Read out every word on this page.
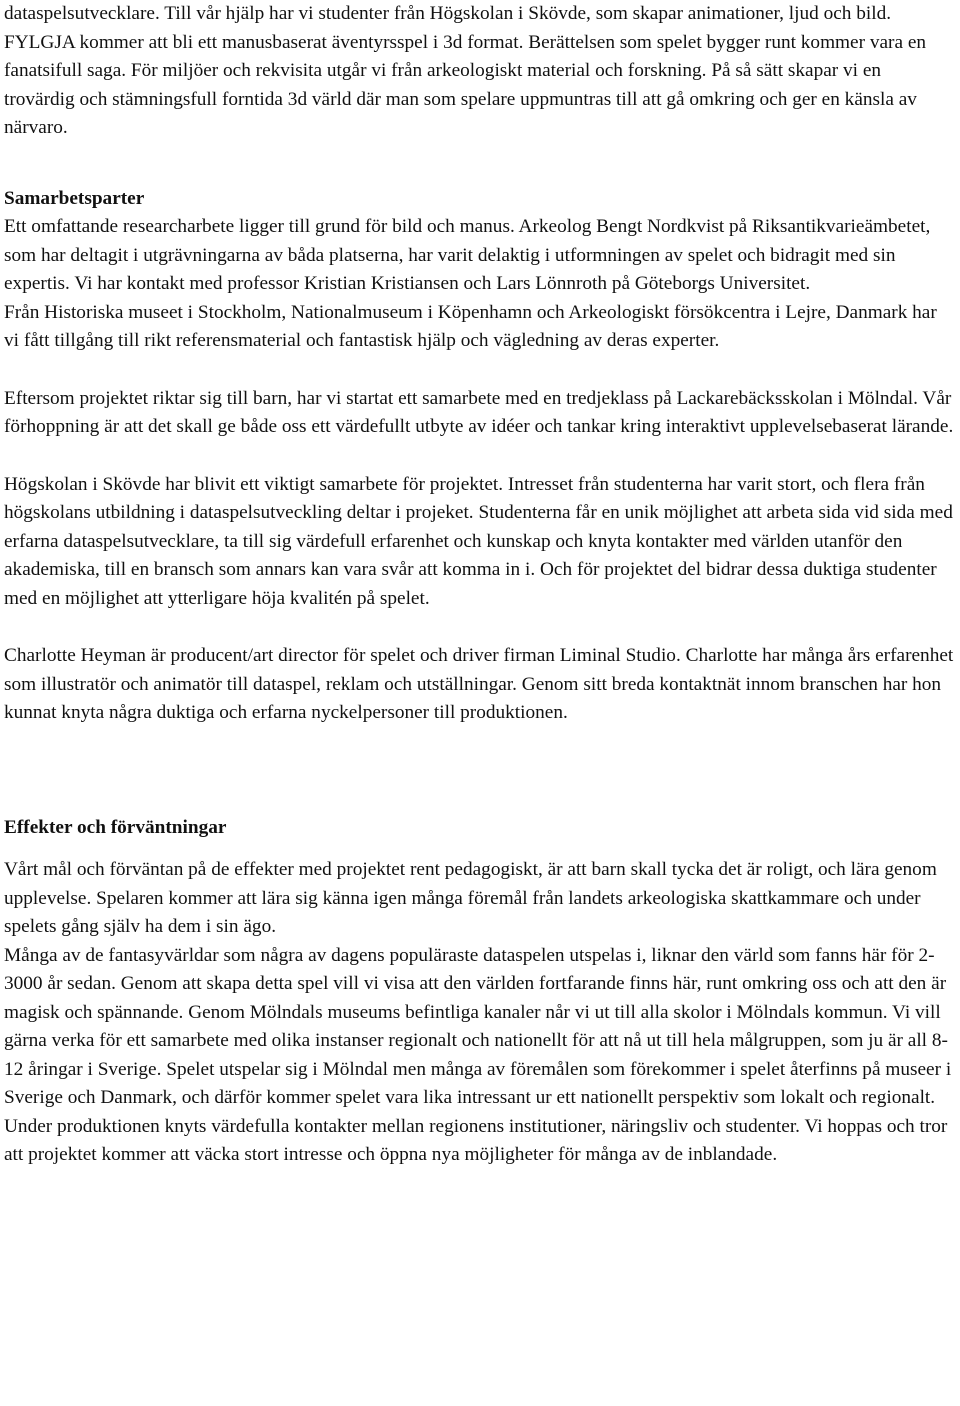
dataspelsutvecklare. Till vår hjälp har vi studenter från Högskolan i Skövde, som skapar animationer, ljud och bild. FYLGJA kommer att bli ett manusbaserat äventyrsspel i 3d format. Berättelsen som spelet bygger runt kommer vara en fanatsifull saga. För miljöer och rekvisita utgår vi från arkeologiskt material och forskning. På så sätt skapar vi en trovärdig och stämningsfull forntida 3d värld där man som spelare uppmuntras till att gå omkring och ger en känsla av närvaro.

Samarbetsparter

Ett omfattande researcharbete ligger till grund för bild och manus. Arkeolog Bengt Nordkvist på Riksantikvarieämbetet, som har deltagit i utgrävningarna av båda platserna, har varit delaktig i utformningen av spelet och bidragit med sin expertis. Vi har kontakt med professor Kristian Kristiansen och Lars Lönnroth på Göteborgs Universitet.

Från Historiska museet i Stockholm, Nationalmuseum i Köpenhamn och Arkeologiskt försökcentra i Lejre, Danmark har vi fått tillgång till rikt referensmaterial och fantastisk hjälp och vägledning av deras experter.

Eftersom projektet riktar sig till barn, har vi startat ett samarbete med en tredjeklass på Lackarebäcksskolan i Mölndal. Vår förhoppning är att det skall ge både oss ett värdefullt utbyte av idéer och tankar kring interaktivt upplevelsebaserat lärande.

Högskolan i Skövde har blivit ett viktigt samarbete för projektet. Intresset från studenterna har varit stort, och flera från högskolans utbildning i dataspelsutveckling deltar i projeket. Studenterna får en unik möjlighet att arbeta sida vid sida med erfarna dataspelsutvecklare, ta till sig värdefull erfarenhet och kunskap och knyta kontakter med världen utanför den akademiska, till en bransch som annars kan vara svår att komma in i. Och för projektet del bidrar dessa duktiga studenter med en möjlighet att ytterligare höja kvalitén på spelet.

Charlotte Heyman är producent/art director för spelet och driver firman Liminal Studio. Charlotte har många års erfarenhet som illustratör och animatör till dataspel, reklam och utställningar. Genom sitt breda kontaktnät innom branschen har hon kunnat knyta några duktiga och erfarna nyckelpersoner till produktionen.

Effekter och förväntningar

Vårt mål och förväntan på de effekter med projektet rent pedagogiskt, är att barn skall tycka det är roligt, och lära genom upplevelse. Spelaren kommer att lära sig känna igen många föremål från landets arkeologiska skattkammare och under spelets gång själv ha dem i sin ägo.

Många av de fantasyvärldar som några av dagens populäraste dataspelen utspelas i, liknar den värld som fanns här för 2-3000 år sedan. Genom att skapa detta spel vill vi visa att den världen fortfarande finns här, runt omkring oss och att den är magisk och spännande. Genom Mölndals museums befintliga kanaler når vi ut till alla skolor i Mölndals kommun. Vi vill gärna verka för ett samarbete med olika instanser regionalt och nationellt för att nå ut till hela målgruppen, som ju är all 8-12 åringar i Sverige. Spelet utspelar sig i Mölndal men många av föremålen som förekommer i spelet återfinns på museer i Sverige och Danmark, och därför kommer spelet vara lika intressant ur ett nationellt perspektiv som lokalt och regionalt.

Under produktionen knyts värdefulla kontakter mellan regionens institutioner, näringsliv och studenter. Vi hoppas och tror att projektet kommer att väcka stort intresse och öppna nya möjligheter för många av de inblandade.
